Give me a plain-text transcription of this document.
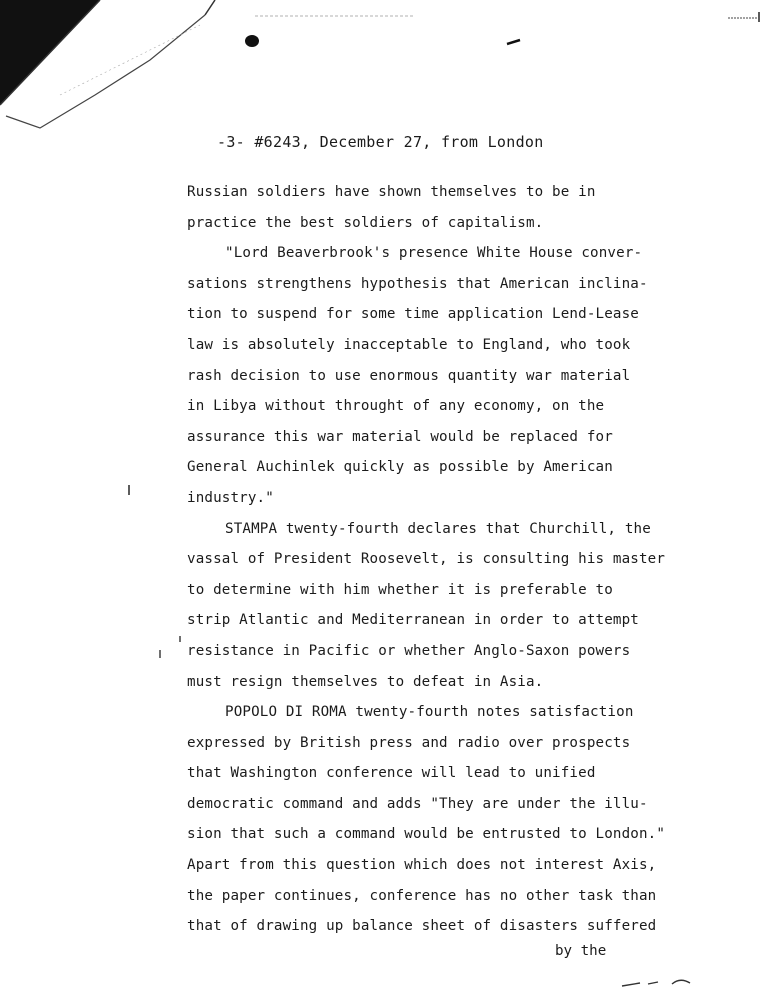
-3- #6243, December 27, from London
Russian soldiers have shown themselves to be in
practice the best soldiers of capitalism.
"Lord Beaverbrook's presence White House conver-
sations strengthens hypothesis that American inclina-
tion to suspend for some time application Lend-Lease
law is absolutely inacceptable to England, who took
rash decision to use enormous quantity war material
in Libya without throught of any economy, on the
assurance this war material would be replaced for
General Auchinlek quickly as possible by American
industry."
STAMPA twenty-fourth declares that Churchill, the
vassal of President Roosevelt, is consulting his master
to determine with him whether it is preferable to
strip Atlantic and Mediterranean in order to attempt
resistance in Pacific or whether Anglo-Saxon powers
must resign themselves to defeat in Asia.
POPOLO DI ROMA twenty-fourth notes satisfaction
expressed by British press and radio over prospects
that Washington conference will lead to unified
democratic command and adds "They are under the illu-
sion that such a command would be entrusted to London."
Apart from this question which does not interest Axis,
the paper continues, conference has no other task than
that of drawing up balance sheet of disasters suffered
by the
